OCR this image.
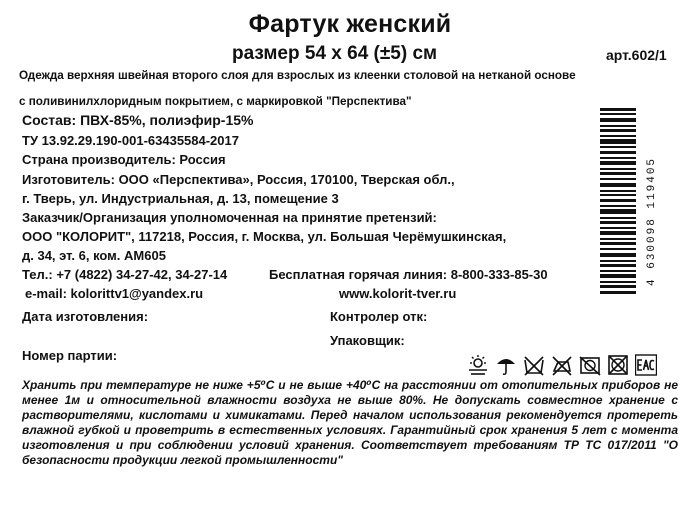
Фартук женский
размер 54 х 64 (±5) см	арт.602/1
Одежда верхняя швейная второго слоя для взрослых из клеенки столовой на нетканой основе
с поливинилхлоридным покрытием, с маркировкой "Перспектива"
Состав: ПВХ-85%, полиэфир-15%
ТУ 13.92.29.190-001-63435584-2017
Страна производитель: Россия
Изготовитель: ООО «Перспектива», Россия, 170100, Тверская обл.,
г. Тверь, ул. Индустриальная, д. 13, помещение 3
Заказчик/Организация уполномоченная на принятие претензий:
ООО "КОЛОРИТ", 117218, Россия, г. Москва, ул. Большая Черёмушкинская,
д. 34, эт. 6, ком. АМ605
Тел.: +7 (4822) 34-27-42, 34-27-14	Бесплатная горячая линия: 8-800-333-85-30
e-mail: kolorittv1@yandex.ru	www.kolorit-tver.ru
Дата изготовления:	Контролер отк:
Упаковщик:
Номер партии:
Хранить при температуре не ниже +5⁰С и не выше +40⁰С на расстоянии от отопительных приборов не менее 1м и относительной влажности воздуха не выше 80%. Не допускать совместное хранение с растворителями, кислотами и химикатами. Перед началом использования рекомендуется протереть влажной губкой и проветрить в естественных условиях. Гарантийный срок хранения 5 лет с момента изготовления и при соблюдении условий хранения. Соответствует требованиям ТР ТС 017/2011 "О безопасности продукции легкой промышленности"
4 630098 119405
